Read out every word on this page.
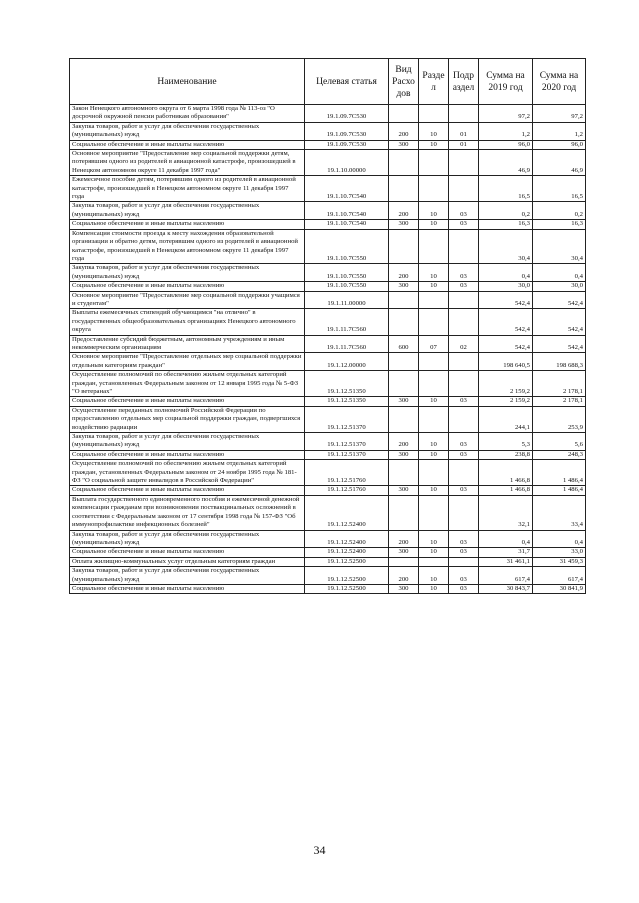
Наименование	Целевая статья	Вид Расхо дов	Разде л	Подр аздел	Сумма на 2019 год	Сумма на 2020 год
Закон Ненецкого автономного округа от 6 марта 1998 года № 113-оз "О досрочной окружной пенсии работникам образования"	19.1.09.7С530				97,2	97,2
Закупка товаров, работ и услуг для обеспечения государственных (муниципальных) нужд	19.1.09.7С530	200	10	01	1,2	1,2
Социальное обеспечение и иные выплаты населению	19.1.09.7С530	300	10	01	96,0	96,0
Основное мероприятие "Предоставление мер социальной поддержки детям, потерявшим одного из родителей в авиационной катастрофе, произошедшей в Ненецком автономном округе 11 декабря 1997 года"	19.1.10.00000				46,9	46,9
Ежемесячное пособие детям, потерявшим одного из родителей в авиационной катастрофе, произошедшей в Ненецком автономном округе 11 декабря 1997 года	19.1.10.7С540				16,5	16,5
Закупка товаров, работ и услуг для обеспечения государственных (муниципальных) нужд	19.1.10.7С540	200	10	03	0,2	0,2
Социальное обеспечение и иные выплаты населению	19.1.10.7С540	300	10	03	16,3	16,3
Компенсация стоимости проезда к месту нахождения образовательной организации и обратно детям, потерявшим одного из родителей в авиационной катастрофе, произошедшей в Ненецком автономном округе 11 декабря 1997 года	19.1.10.7С550				30,4	30,4
Закупка товаров, работ и услуг для обеспечения государственных (муниципальных) нужд	19.1.10.7С550	200	10	03	0,4	0,4
Социальное обеспечение и иные выплаты населению	19.1.10.7С550	300	10	03	30,0	30,0
Основное мероприятие "Предоставление мер социальной поддержки учащимся и студентам"	19.1.11.00000				542,4	542,4
Выплаты ежемесячных стипендий обучающимся "на отлично" в государственных общеобразовательных организациях Ненецкого автономного округа	19.1.11.7С560				542,4	542,4
Предоставление субсидий бюджетным, автономным учреждениям и иным некоммерческим организациям	19.1.11.7С560	600	07	02	542,4	542,4
Основное мероприятие "Предоставление отдельных мер социальной поддержки отдельным категориям граждан"	19.1.12.00000				198 640,5	198 688,3
Осуществление полномочий по обеспечению жильем отдельных категорий граждан, установленных Федеральным законом от 12 января 1995 года № 5-ФЗ "О ветеранах"	19.1.12.51350				2 159,2	2 178,1
Социальное обеспечение и иные выплаты населению	19.1.12.51350	300	10	03	2 159,2	2 178,1
Осуществление переданных полномочий Российской Федерации по предоставлению отдельных мер социальной поддержки граждан, подвергшихся воздействию радиации	19.1.12.51370				244,1	253,9
Закупка товаров, работ и услуг для обеспечения государственных (муниципальных) нужд	19.1.12.51370	200	10	03	5,3	5,6
Социальное обеспечение и иные выплаты населению	19.1.12.51370	300	10	03	238,8	248,3
Осуществление полномочий по обеспечению жильем отдельных категорий граждан, установленных Федеральным законом от 24 ноября 1995 года № 181-ФЗ "О социальной защите инвалидов в Российской Федерации"	19.1.12.51760				1 466,8	1 486,4
Социальное обеспечение и иные выплаты населению	19.1.12.51760	300	10	03	1 466,8	1 486,4
Выплата государственного единовременного пособия и ежемесячной денежной компенсации гражданам при возникновении поствакцинальных осложнений в соответствии с Федеральным законом от 17 сентября 1998 года № 157-ФЗ "Об иммунопрофилактике инфекционных болезней"	19.1.12.52400				32,1	33,4
Закупка товаров, работ и услуг для обеспечения государственных (муниципальных) нужд	19.1.12.52400	200	10	03	0,4	0,4
Социальное обеспечение и иные выплаты населению	19.1.12.52400	300	10	03	31,7	33,0
Оплата жилищно-коммунальных услуг отдельным категориям граждан	19.1.12.52500				31 461,1	31 459,3
Закупка товаров, работ и услуг для обеспечения государственных (муниципальных) нужд	19.1.12.52500	200	10	03	617,4	617,4
Социальное обеспечение и иные выплаты населению	19.1.12.52500	300	10	03	30 843,7	30 841,9
34
